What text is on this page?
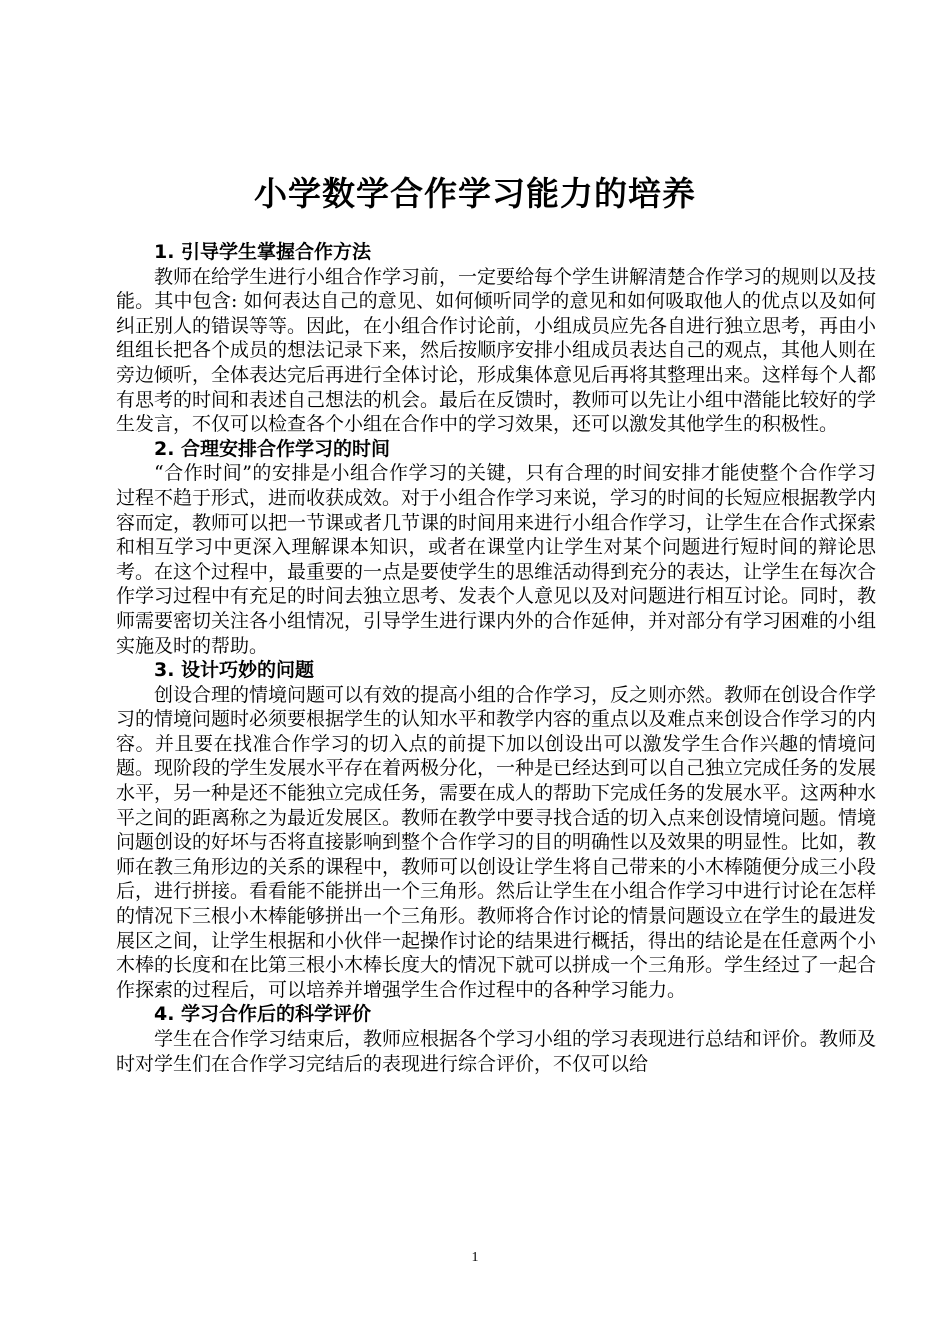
小学数学合作学习能力的培养
1. 引导学生掌握合作方法

教师在给学生进行小组合作学习前，一定要给每个学生讲解清楚合作学习的规则以及技能。其中包含: 如何表达自己的意见、如何倾听同学的意见和如何吸取他人的优点以及如何纠正别人的错误等等。因此，在小组合作讨论前，小组成员应先各自进行独立思考，再由小组组长把各个成员的想法记录下来，然后按顺序安排小组成员表达自己的观点，其他人则在旁边倾听，全体表达完后再进行全体讨论，形成集体意见后再将其整理出来。这样每个人都有思考的时间和表述自己想法的机会。最后在反馈时，教师可以先让小组中潜能比较好的学生发言，不仅可以检查各个小组在合作中的学习效果，还可以激发其他学生的积极性。

2. 合理安排合作学习的时间

“合作时间”的安排是小组合作学习的关键，只有合理的时间安排才能使整个合作学习过程不趋于形式，进而收获成效。对于小组合作学习来说，学习的时间的长短应根据教学内容而定，教师可以把一节课或者几节课的时间用来进行小组合作学习，让学生在合作式探索和相互学习中更深入理解课本知识，或者在课堂内让学生对某个问题进行短时间的辩论思考。在这个过程中，最重要的一点是要使学生的思维活动得到充分的表达，让学生在每次合作学习过程中有充足的时间去独立思考、发表个人意见以及对问题进行相互讨论。同时，教师需要密切关注各小组情况，引导学生进行课内外的合作延伸，并对部分有学习困难的小组实施及时的帮助。

3. 设计巧妙的问题

创设合理的情境问题可以有效的提高小组的合作学习，反之则亦然。教师在创设合作学习的情境问题时必须要根据学生的认知水平和教学内容的重点以及难点来创设合作学习的内容。并且要在找准合作学习的切入点的前提下加以创设出可以激发学生合作兴趣的情境问题。现阶段的学生发展水平存在着两极分化，一种是已经达到可以自己独立完成任务的发展水平，另一种是还不能独立完成任务，需要在成人的帮助下完成任务的发展水平。这两种水平之间的距离称之为最近发展区。教师在教学中要寻找合适的切入点来创设情境问题。情境问题创设的好坏与否将直接影响到整个合作学习的目的明确性以及效果的明显性。比如，教师在教三角形边的关系的课程中，教师可以创设让学生将自己带来的小木棒随便分成三小段后，进行拼接。看看能不能拼出一个三角形。然后让学生在小组合作学习中进行讨论在怎样的情况下三根小木棒能够拼出一个三角形。教师将合作讨论的情景问题设立在学生的最进发展区之间，让学生根据和小伙伴一起操作讨论的结果进行概括，得出的结论是在任意两个小木棒的长度和在比第三根小木棒长度大的情况下就可以拼成一个三角形。学生经过了一起合作探索的过程后，可以培养并增强学生合作过程中的各种学习能力。

4. 学习合作后的科学评价

学生在合作学习结束后，教师应根据各个学习小组的学习表现进行总结和评价。教师及时对学生们在合作学习完结后的表现进行综合评价，不仅可以给

1
